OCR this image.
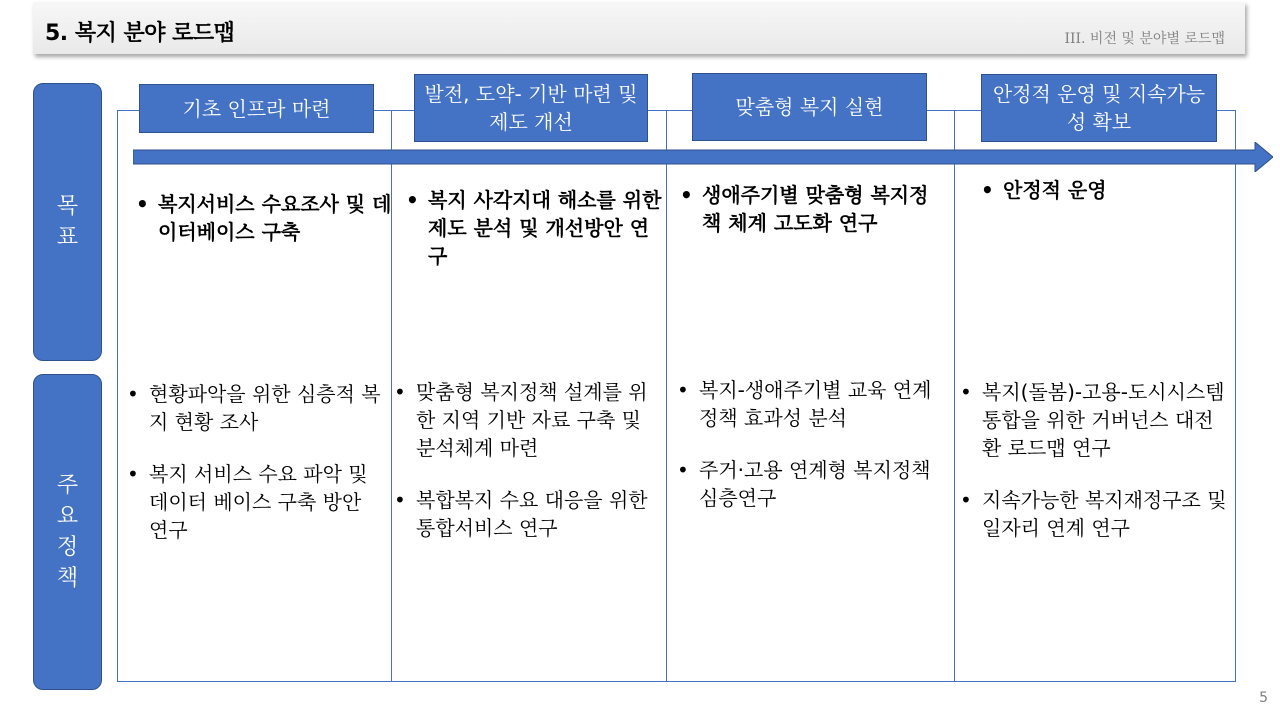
5. 복지 분야 로드맵	III. 비전 및 분야별 로드맵
목
표
주
요
정
책
기초 인프라 마련
발전, 도약- 기반 마련 및 제도 개선
맞춤형 복지 실현
안정적 운영 및 지속가능성 확보
• 복지서비스 수요조사 및 데이터베이스 구축
• 복지 사각지대 해소를 위한 제도 분석 및 개선방안 연구
• 생애주기별 맞춤형 복지정책 체계 고도화 연구
• 안정적 운영
• 현황파악을 위한 심층적 복지 현황 조사
• 복지 서비스 수요 파악 및 데이터 베이스 구축 방안 연구
• 맞춤형 복지정책 설계를 위한 지역 기반 자료 구축 및 분석체계 마련
• 복합복지 수요 대응을 위한 통합서비스 연구
• 복지-생애주기별 교육 연계 정책 효과성 분석
• 주거·고용 연계형 복지정책 심층연구
• 복지(돌봄)-고용-도시시스템 통합을 위한 거버넌스 대전환 로드맵 연구
• 지속가능한 복지재정구조 및 일자리 연계 연구
5
